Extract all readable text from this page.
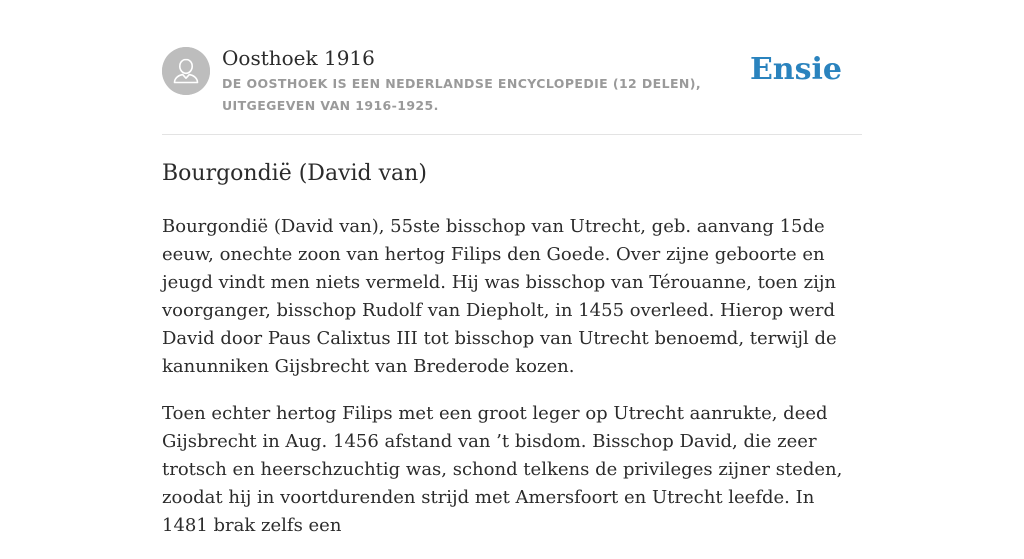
Oosthoek 1916
DE OOSTHOEK IS EEN NEDERLANDSE ENCYCLOPEDIE (12 DELEN), UITGEGEVEN VAN 1916-1925.
Ensie
Bourgondië (David van)

Bourgondië (David van), 55ste bisschop van Utrecht, geb. aanvang 15de eeuw, onechte zoon van hertog Filips den Goede. Over zijne geboorte en jeugd vindt men niets vermeld. Hij was bisschop van Térouanne, toen zijn voorganger, bisschop Rudolf van Diepholt, in 1455 overleed. Hierop werd David door Paus Calixtus III tot bisschop van Utrecht benoemd, terwijl de kanunniken Gijsbrecht van Brederode kozen.

Toen echter hertog Filips met een groot leger op Utrecht aanrukte, deed Gijsbrecht in Aug. 1456 afstand van ’t bisdom. Bisschop David, die zeer trotsch en heerschzuchtig was, schond telkens de privileges zijner steden, zoodat hij in voortdurenden strijd met Amersfoort en Utrecht leefde. In 1481 brak zelfs een
